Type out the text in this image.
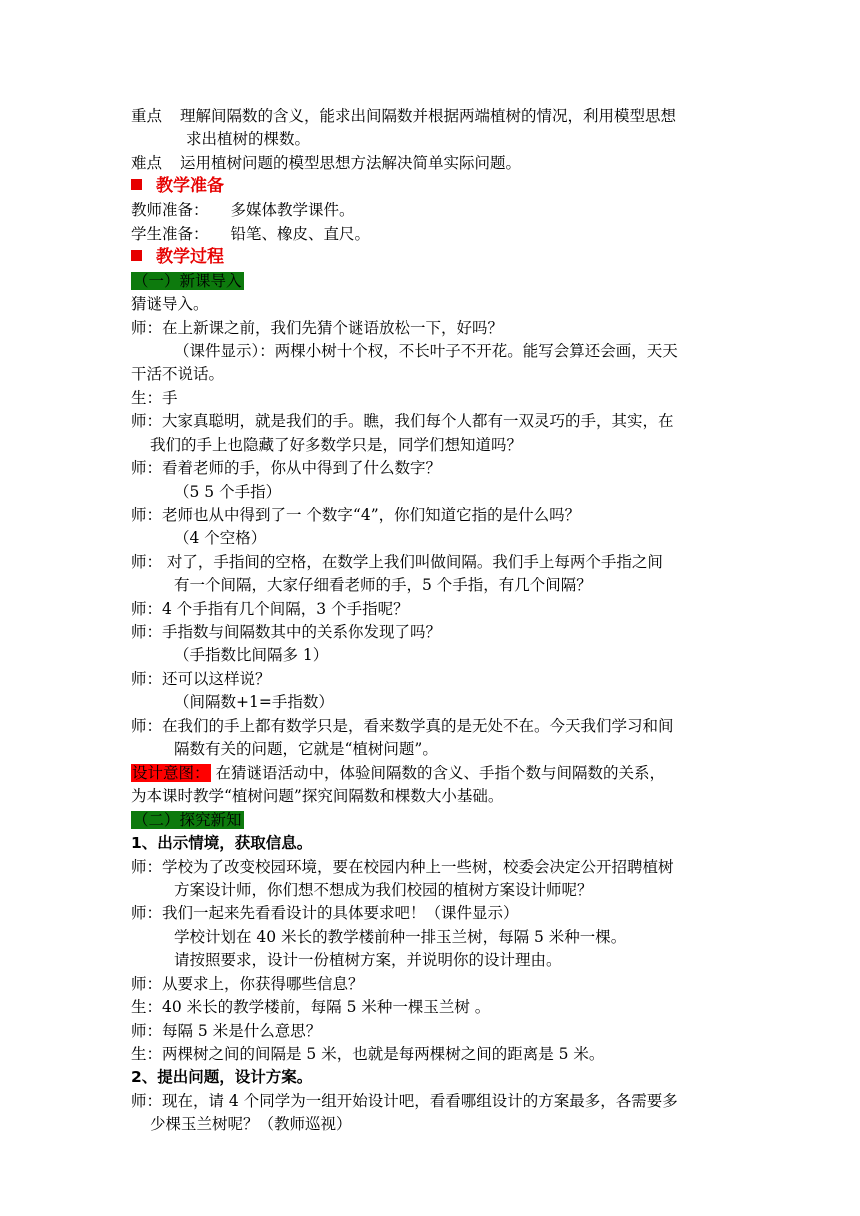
重点 理解间隔数的含义，能求出间隔数并根据两端植树的情况，利用模型思想
求出植树的棵数。
难点 运用植树问题的模型思想方法解决简单实际问题。
教学准备
教师准备： 多媒体教学课件。
学生准备： 铅笔、橡皮、直尺。
教学过程
（一）新课导入
猜谜导入。
师：在上新课之前，我们先猜个谜语放松一下，好吗？
（课件显示）：两棵小树十个杈，不长叶子不开花。能写会算还会画，天天
干活不说话。
生：手
师：大家真聪明，就是我们的手。瞧，我们每个人都有一双灵巧的手，其实，在
我们的手上也隐藏了好多数学只是，同学们想知道吗？
师：看着老师的手，你从中得到了什么数字？
（5 5 个手指）
师：老师也从中得到了一 个数字“4”，你们知道它指的是什么吗？
（4 个空格）
师： 对了，手指间的空格，在数学上我们叫做间隔。我们手上每两个手指之间
有一个间隔，大家仔细看老师的手，5 个手指，有几个间隔？
师：4 个手指有几个间隔，3 个手指呢？
师：手指数与间隔数其中的关系你发现了吗？
（手指数比间隔多 1）
师：还可以这样说？
（间隔数+1=手指数）
师：在我们的手上都有数学只是，看来数学真的是无处不在。今天我们学习和间
隔数有关的问题，它就是“植树问题”。
设计意图： 在猜谜语活动中，体验间隔数的含义、手指个数与间隔数的关系，
为本课时教学“植树问题”探究间隔数和棵数大小基础。
（二）探究新知
1、出示情境，获取信息。
师：学校为了改变校园环境，要在校园内种上一些树，校委会决定公开招聘植树
方案设计师，你们想不想成为我们校园的植树方案设计师呢？
师：我们一起来先看看设计的具体要求吧！（课件显示）
学校计划在 40 米长的教学楼前种一排玉兰树，每隔 5 米种一棵。
请按照要求，设计一份植树方案，并说明你的设计理由。
师：从要求上，你获得哪些信息？
生：40 米长的教学楼前，每隔 5 米种一棵玉兰树 。
师：每隔 5 米是什么意思？
生：两棵树之间的间隔是 5 米，也就是每两棵树之间的距离是 5 米。
2、提出问题，设计方案。
师：现在，请 4 个同学为一组开始设计吧，看看哪组设计的方案最多，各需要多
少棵玉兰树呢？（教师巡视）
